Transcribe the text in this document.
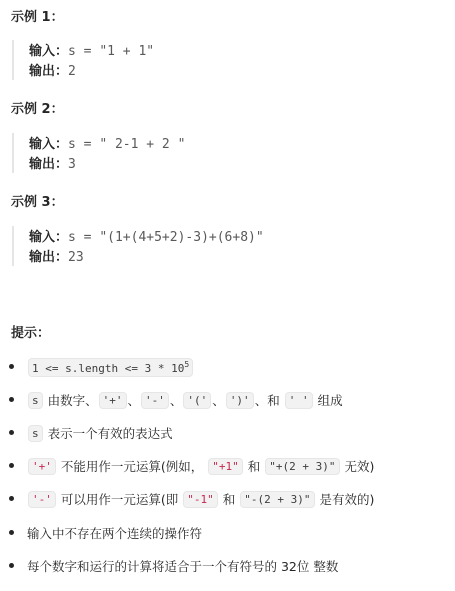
示例 1：
输入：s = "1 + 1"
输出：2
示例 2：
输入：s = " 2-1 + 2 "
输出：3
示例 3：
输入：s = "(1+(4+5+2)-3)+(6+8)"
输出：23
提示：
1 <= s.length <= $3 * 10^5$
s 由数字、 '+' 、 '-' 、 '(' 、 ')' 、和 ' ' 组成
s 表示一个有效的表达式
'+' 不能用作一元运算(例如， "+1" 和 "+(2 + 3)" 无效)
'-' 可以用作一元运算(即 "-1" 和 "-(2 + 3)" 是有效的)
输入中不存在两个连续的操作符
每个数字和运行的计算将适合于一个有符号的 32位 整数
